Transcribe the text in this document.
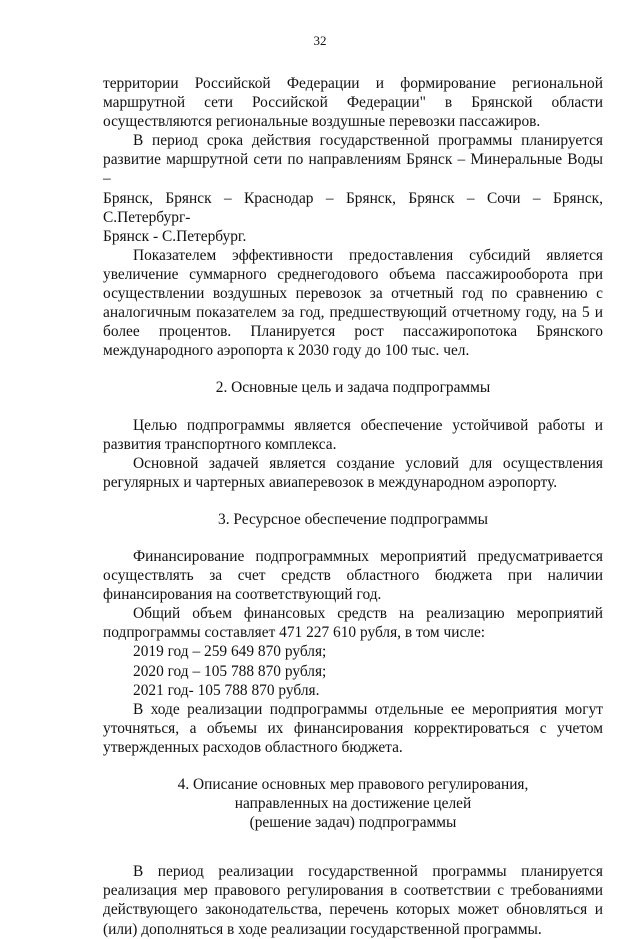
32

территории Российской Федерации и формирование региональной

маршрутной сети Российской Федерации" в Брянской области

осуществляются региональные воздушные перевозки пассажиров.

В период срока действия государственной программы планируется

развитие маршрутной сети по направлениям Брянск – Минеральные Воды –

Брянск, Брянск – Краснодар – Брянск, Брянск – Сочи – Брянск, С.Петербург-

Брянск - С.Петербург.

Показателем эффективности предоставления субсидий является

увеличение суммарного среднегодового объема пассажирооборота при

осуществлении воздушных перевозок за отчетный год по сравнению с

аналогичным показателем за год, предшествующий отчетному году, на 5 и

более процентов. Планируется рост пассажиропотока Брянского

международного аэропорта к 2030 году до 100 тыс. чел.

2. Основные цель и задача подпрограммы

Целью подпрограммы является обеспечение устойчивой работы и

развития транспортного комплекса.

Основной задачей является создание условий для осуществления

регулярных и чартерных авиаперевозок в международном аэропорту.

3. Ресурсное обеспечение подпрограммы

Финансирование подпрограммных мероприятий предусматривается

осуществлять за счет средств областного бюджета при наличии

финансирования на соответствующий год.

Общий объем финансовых средств на реализацию мероприятий

подпрограммы составляет 471 227 610 рубля, в том числе:

2019 год – 259 649 870 рубля;

2020 год – 105 788 870 рубля;

2021 год- 105 788 870 рубля.

В ходе реализации подпрограммы отдельные ее мероприятия могут

уточняться, а объемы их финансирования корректироваться с учетом

утвержденных расходов областного бюджета.

4. Описание основных мер правового регулирования,
направленных на достижение целей
(решение задач) подпрограммы

В период реализации государственной программы планируется

реализация мер правового регулирования в соответствии с требованиями

действующего законодательства, перечень которых может обновляться и

(или) дополняться в ходе реализации государственной программы.
